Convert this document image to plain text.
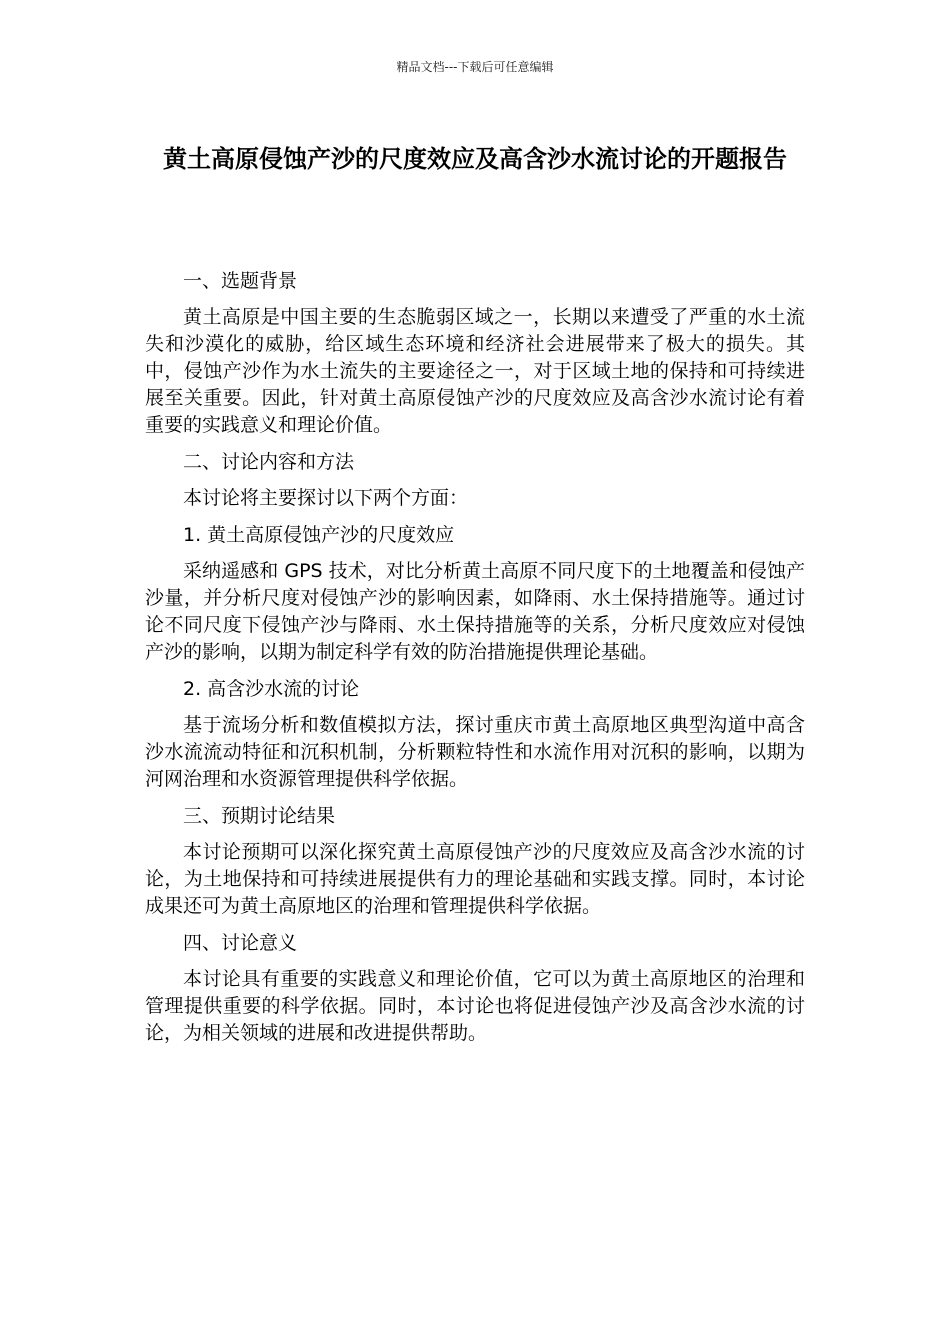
精品文档---下载后可任意编辑
黄土高原侵蚀产沙的尺度效应及高含沙水流讨论的开题报告

一、选题背景

黄土高原是中国主要的生态脆弱区域之一，长期以来遭受了严重的水土流失和沙漠化的威胁，给区域生态环境和经济社会进展带来了极大的损失。其中，侵蚀产沙作为水土流失的主要途径之一，对于区域土地的保持和可持续进展至关重要。因此，针对黄土高原侵蚀产沙的尺度效应及高含沙水流讨论有着重要的实践意义和理论价值。

二、讨论内容和方法

本讨论将主要探讨以下两个方面：

1. 黄土高原侵蚀产沙的尺度效应

采纳遥感和 GPS 技术，对比分析黄土高原不同尺度下的土地覆盖和侵蚀产沙量，并分析尺度对侵蚀产沙的影响因素，如降雨、水土保持措施等。通过讨论不同尺度下侵蚀产沙与降雨、水土保持措施等的关系，分析尺度效应对侵蚀产沙的影响，以期为制定科学有效的防治措施提供理论基础。

2. 高含沙水流的讨论

基于流场分析和数值模拟方法，探讨重庆市黄土高原地区典型沟道中高含沙水流流动特征和沉积机制，分析颗粒特性和水流作用对沉积的影响，以期为河网治理和水资源管理提供科学依据。

三、预期讨论结果

本讨论预期可以深化探究黄土高原侵蚀产沙的尺度效应及高含沙水流的讨论，为土地保持和可持续进展提供有力的理论基础和实践支撑。同时，本讨论成果还可为黄土高原地区的治理和管理提供科学依据。

四、讨论意义

本讨论具有重要的实践意义和理论价值，它可以为黄土高原地区的治理和管理提供重要的科学依据。同时，本讨论也将促进侵蚀产沙及高含沙水流的讨论，为相关领域的进展和改进提供帮助。
